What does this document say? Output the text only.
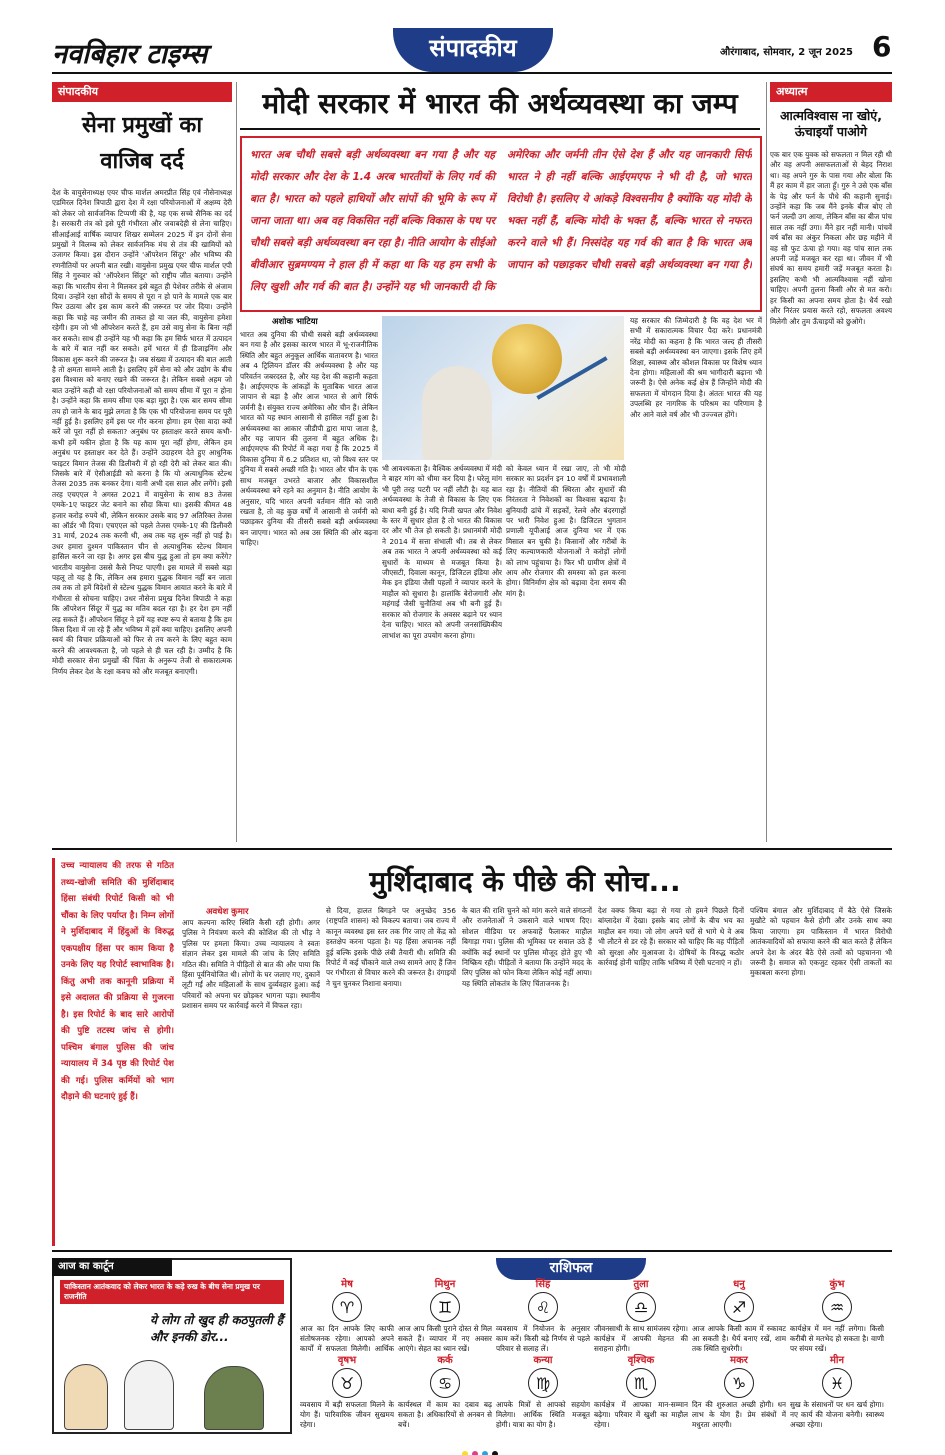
नवबिहार टाइम्स	संपादकीय	औरंगाबाद, सोमवार, 2 जून 2025 6
संपादकीय
सेना प्रमुखों का वाजिब दर्द
देश के वायुसेनाध्यक्ष एयर चीफ मार्शल अमरप्रीत सिंह एवं नौसेनाध्यक्ष एडमिरल दिनेश त्रिपाठी द्वारा देश में रक्षा परियोजनाओं में अक्षम्य देरी को लेकर जो सार्वजनिक टिप्पणी की है, यह एक सच्चे सैनिक का दर्द है। सरकारी तंत्र को इसे पूरी गंभीरता और जवाबदेही से लेना चाहिए। सीआईआई वार्षिक व्यापार शिखर सम्मेलन 2025 में इन दोनों सेना प्रमुखों ने विलम्ब को लेकर सार्वजनिक मंच से तंत्र की खामियों को उजागर किया। इस दौरान उन्होंने 'ऑपरेशन सिंदूर' और भविष्य की रणनीतियों पर अपनी बात रखी। वायुसेना प्रमुख एयर चीफ मार्शल एपी सिंह ने गुरुवार को 'ऑपरेशन सिंदूर' को राष्ट्रीय जीत बताया। उन्होंने कहा कि भारतीय सेना ने मिलकर इसे बहुत ही पेशेवर तरीके से अंजाम दिया। उन्होंने रक्षा सौदों के समय से पूरा न हो पाने के मामले एक बार फिर उठाया और इस काम करने की जरूरत पर जोर दिया। उन्होंने कहा कि चाहे वह जमीन की ताकत हो या जल की, वायुसेना हमेशा रहेगी। हम जो भी ऑपरेशन करते हैं, हम उसे वायु सेना के बिना नहीं कर सकते। साथ ही उन्होंने यह भी कहा कि हम सिर्फ भारत में उत्पादन के बारे में बात नहीं कर सकते। हमें भारत में ही डिजाइनिंग और विकास शुरू करने की जरूरत है। जब संख्या में उत्पादन की बात आती है तो क्षमता सामने आती है। इसलिए हमें सेना को और उद्योग के बीच इस विश्वास को बनाए रखने की जरूरत है। लेकिन सबसे अहम जो बात उन्होंने कही वो रक्षा परियोजनाओं को समय सीमा में पूरा न होना है। उन्होंने कहा कि समय सीमा एक बड़ा मुद्दा है। एक बार समय सीमा तय हो जाने के बाद मुझे लगता है कि एक भी परियोजना समय पर पूरी नहीं हुई है। इसलिए हमें इस पर गौर करना होगा। हम ऐसा वादा क्यों करें जो पूरा नहीं हो सकता? अनुबंध पर हस्ताक्षर करते समय कभी-कभी हमें यकीन होता है कि यह काम पूरा नहीं होगा, लेकिन हम अनुबंध पर हस्ताक्षर कर देते हैं। उन्होंने उदाहरण देते हुए आधुनिक फाइटर विमान तेजस की डिलीवरी में हो रही देरी को लेकर बात की। जिसके बारे में ऐसीआईडी को करना है कि यो अत्याधुनिक स्टेल्थ तेजस 2035 तक बनकर देगा। यानी अभी दस साल और लगेंगे। इसी तरह एचएएल ने अगस्त 2021 में वायुसेना के साथ 83 तेजस एमके-1ए फाइटर जेट बनाने का सौदा किया था। इसकी कीमत 48 हजार करोड़ रुपये थी, लेकिन सरकार उसके बाद 97 अतिरिक्त तेजस का ऑर्डर भी दिया। एचएएल को पहले तेजस एमके-1ए की डिलीवरी 31 मार्च, 2024 तक करनी थी, अब तक यह शुरू नहीं हो पाई है। उधर हमारा दुश्मन पाकिस्तान चीन से अत्याधुनिक स्टेल्थ विमान हासिल करने जा रहा है। अगर इस बीच युद्ध हुआ तो हम क्या करेंगे? भारतीय वायुसेना उससे कैसे निपट पाएगी। इस मामले में सबसे बड़ा पहलू तो यह है कि, लेकिन अब हमारा युद्धक विमान नहीं बन जाता तब तक तो हमें विदेशों से स्टेल्थ युद्धक विमान आयात करने के बारे में गंभीरता से सोचना चाहिए। उधर नौसेना प्रमुख दिनेश त्रिपाठी ने कहा कि ऑपरेशन सिंदूर में युद्ध का मतिव बदल रहा है। हर देश हम नहीं लड़ सकते हैं। ऑपरेशन सिंदूर ने हमें यह स्पष्ट रूप से बताया है कि हम किस दिशा में जा रहे हैं और भविष्य में हमें क्या चाहिए। इसलिए अपनी स्वयं की विचार प्रक्रियाओं को फिर से तय करने के लिए बहुत काम करने की आवश्यकता है, जो पहले से ही चल रही है। उम्मीद है कि मोदी सरकार सेना प्रमुखों की चिंता के अनुरूप तेजी से सकारात्मक निर्णय लेकर देश के रक्षा कवच को और मजबूत बनाएगी।
मोदी सरकार में भारत की अर्थव्यवस्था का जम्प
भारत अब चौथी सबसे बड़ी अर्थव्यवस्था बन गया है और यह मोदी सरकार और देश के 1.4 अरब भारतीयों के लिए गर्व की बात है। भारत को पहले हाथियों और सांपों की भूमि के रूप में जाना जाता था। अब वह विकसित नहीं बल्कि विकास के पथ पर चौथी सबसे बड़ी अर्थव्यवस्था बन रहा है। नीति आयोग के सीईओ बीवीआर सुब्रमण्यम ने हाल ही में कहा था कि यह हम सभी के लिए खुशी और गर्व की बात है। उन्होंने यह भी जानकारी दी कि अमेरिका और जर्मनी तीन ऐसे देश हैं और यह जानकारी सिर्फ भारत ने ही नहीं बल्कि आईएमएफ ने भी दी है, जो भारत विरोधी है। इसलिए ये आंकड़े विश्वसनीय है क्योंकि यह मोदी के भक्त नहीं हैं, बल्कि मोदी के भक्त हैं, बल्कि भारत से नफरत करने वाले भी हैं। निस्संदेह यह गर्व की बात है कि भारत अब जापान को पछाड़कर चौथी सबसे बड़ी अर्थव्यवस्था बन गया है।
अशोक भाटिया
भारत अब दुनिया की चौथी सबसे बड़ी अर्थव्यवस्था बन गया है और इसका कारण भारत में भू-राजनीतिक स्थिति और बहुत अनुकूल आर्थिक वातावरण है। भारत अब 4 ट्रिलियन डॉलर की अर्थव्यवस्था है और यह परिवर्तन जबरदस्त है, और यह देश की कहानी कहता है। आईएमएफ के आंकड़ों के मुताबिक भारत आज जापान से बड़ा है और आज भारत से आगे सिर्फ जर्मनी है। संयुक्त राज्य अमेरिका और चीन हैं। लेकिन भारत को यह स्थान आसानी से हासिल नहीं हुआ है। अर्थव्यवस्था का आकार जीडीपी द्वारा मापा जाता है, और यह जापान की तुलना में बहुत अधिक है। आईएमएफ की रिपोर्ट में कहा गया है कि 2025 में विकास दुनिया में 6.2 प्रतिशत था, जो विश्व स्तर पर दुनिया में सबसे अच्छी गति है। भारत और चीन के एक साथ मजबूत उभरते बाजार और विकासशील अर्थव्यवस्था बने रहने का अनुमान है। नीति आयोग के अनुसार, यदि भारत अपनी वर्तमान नीति को जारी रखता है, तो वह कुछ वर्षों में आसानी से जर्मनी को पछाड़कर दुनिया की तीसरी सबसे बड़ी अर्थव्यवस्था बन जाएगा। भारत को अब उस स्थिति की ओर बढ़ना चाहिए।
भी आवश्यकता है। वैश्विक अर्थव्यवस्था में मंदी ने बाहर मांग को धीमा कर दिया है। घरेलू मांग भी पूरी तरह पटरी पर नहीं लौटी है। यह बात अर्थव्यवस्था के तेजी से विकास के लिए एक बाधा बनी हुई है। यदि निजी खपत और निवेश के स्तर में सुधार होता है तो भारत की विकास दर और भी तेज हो सकती है। प्रधानमंत्री मोदी ने 2014 में सत्ता संभाली थी। तब से लेकर अब तक भारत ने अपनी अर्थव्यवस्था को कई सुधारों के माध्यम से मजबूत किया है। जीएसटी, दिवाला कानून, डिजिटल इंडिया और मेक इन इंडिया जैसी पहलों ने व्यापार करने के माहौल को सुधारा है। हालांकि बेरोजगारी और महंगाई जैसी चुनौतियां अब भी बनी हुई हैं। सरकार को रोजगार के अवसर बढ़ाने पर ध्यान देना चाहिए। भारत को अपनी जनसांख्यिकीय लाभांश का पूरा उपयोग करना होगा।
को केवल ध्यान में रखा जाए, तो भी मोदी सरकार का प्रदर्शन इन 10 वर्षों में प्रभावशाली रहा है। नीतियों की स्थिरता और सुधारों की निरंतरता ने निवेशकों का विश्वास बढ़ाया है। बुनियादी ढांचे में सड़कों, रेलवे और बंदरगाहों पर भारी निवेश हुआ है। डिजिटल भुगतान प्रणाली यूपीआई आज दुनिया भर में एक मिसाल बन चुकी है। किसानों और गरीबों के लिए कल्याणकारी योजनाओं ने करोड़ों लोगों को लाभ पहुंचाया है। फिर भी ग्रामीण क्षेत्रों में आय और रोजगार की समस्या को हल करना होगा। विनिर्माण क्षेत्र को बढ़ावा देना समय की मांग है।
यह सरकार की जिम्मेदारी है कि वह देश भर में सभी में सकारात्मक विचार पैदा करे। प्रधानमंत्री नरेंद्र मोदी का कहना है कि भारत जल्द ही तीसरी सबसे बड़ी अर्थव्यवस्था बन जाएगा। इसके लिए हमें शिक्षा, स्वास्थ्य और कौशल विकास पर विशेष ध्यान देना होगा। महिलाओं की श्रम भागीदारी बढ़ाना भी जरूरी है। ऐसे अनेक कई क्षेत्र हैं जिन्होंने मोदी की सफलता में योगदान दिया है। अंततः भारत की यह उपलब्धि हर नागरिक के परिश्रम का परिणाम है और आने वाले वर्ष और भी उज्ज्वल होंगे।
अध्यात्म
आत्मविश्वास ना खोएं, ऊंचाइयाँ पाओगे
एक बार एक युवक को सफलता न मिल रही थी और वह अपनी असफलताओं से बेहद निराश था। वह अपने गुरु के पास गया और बोला कि मैं हर काम में हार जाता हूँ। गुरु ने उसे एक बाँस के पेड़ और फर्न के पौधे की कहानी सुनाई। उन्होंने कहा कि जब मैंने इनके बीज बोए तो फर्न जल्दी उग आया, लेकिन बाँस का बीज पांच साल तक नहीं उगा। मैंने हार नहीं मानी। पांचवें वर्ष बाँस का अंकुर निकला और छह महीने में वह सौ फुट ऊंचा हो गया। वह पांच साल तक अपनी जड़ें मजबूत कर रहा था। जीवन में भी संघर्ष का समय हमारी जड़ें मजबूत करता है। इसलिए कभी भी आत्मविश्वास नहीं खोना चाहिए। अपनी तुलना किसी और से मत करो। हर किसी का अपना समय होता है। धैर्य रखो और निरंतर प्रयास करते रहो, सफलता अवश्य मिलेगी और तुम ऊँचाइयों को छुओगे।
उच्च न्यायालय की तरफ से गठित तथ्य-खोजी समिति की मुर्शिदाबाद हिंसा संबंधी रिपोर्ट किसी को भी चौंका के लिए पर्याप्त है। निम्न लोगों ने मुर्शिदाबाद में हिंदुओं के विरुद्ध एकपक्षीय हिंसा पर काम किया है उनके लिए यह रिपोर्ट स्वाभाविक है। किंतु अभी तक कानूनी प्रक्रिया में इसे अदालत की प्रक्रिया से गुजरना है। इस रिपोर्ट के बाद सारे आरोपों की पुष्टि तटस्थ जांच से होगी। पश्चिम बंगाल पुलिस की जांच न्यायालय में 34 पृष्ठ की रिपोर्ट पेश की गई। पुलिस कर्मियों को भाग दौड़ाने की घटनाएं हुई हैं।
मुर्शिदाबाद के पीछे की सोच...
अवधेश कुमार
आप कल्पना करिए स्थिति कैसी रही होगी। अगर पुलिस ने नियंत्रण करने की कोशिश की तो भीड़ ने पुलिस पर हमला किया। उच्च न्यायालय ने स्वतः संज्ञान लेकर इस मामले की जांच के लिए समिति गठित की। समिति ने पीड़ितों से बात की और पाया कि हिंसा पूर्वनियोजित थी। लोगों के घर जलाए गए, दुकानें लूटी गईं और महिलाओं के साथ दुर्व्यवहार हुआ। कई परिवारों को अपना घर छोड़कर भागना पड़ा। स्थानीय प्रशासन समय पर कार्रवाई करने में विफल रहा।
से दिया, हालत बिगड़ने पर अनुच्छेद 356 (राष्ट्रपति शासन) को विकल्प बताया। जब राज्य में कानून व्यवस्था इस स्तर तक गिर जाए तो केंद्र को हस्तक्षेप करना पड़ता है। यह हिंसा अचानक नहीं हुई बल्कि इसके पीछे लंबी तैयारी थी। समिति की रिपोर्ट में कई चौंकाने वाले तथ्य सामने आए हैं जिन पर गंभीरता से विचार करने की जरूरत है। दंगाइयों ने चुन चुनकर निशाना बनाया।
के बात की राशि चुनने को मांग करने वाले संगठनों और राजनेताओं ने उकसाने वाले भाषण दिए। सोशल मीडिया पर अफवाहें फैलाकर माहौल बिगाड़ा गया। पुलिस की भूमिका पर सवाल उठे हैं क्योंकि कई स्थानों पर पुलिस मौजूद होते हुए भी निष्क्रिय रही। पीड़ितों ने बताया कि उन्होंने मदद के लिए पुलिस को फोन किया लेकिन कोई नहीं आया। यह स्थिति लोकतंत्र के लिए चिंताजनक है।
देश वक्फ किया बढ़ा से गया तो हमने पिछले दिनों बांग्लादेश में देखा। इसके बाद लोगों के बीच भय का माहौल बन गया। जो लोग अपने घरों से भागे थे वे अब भी लौटने से डर रहे हैं। सरकार को चाहिए कि वह पीड़ितों को सुरक्षा और मुआवजा दे। दोषियों के विरुद्ध कठोर कार्रवाई होनी चाहिए ताकि भविष्य में ऐसी घटनाएं न हों।
पश्चिम बंगाल और मुर्शिदाबाद में बैठे ऐसे जिसके मुखौटे को पहचान कैसे होगी और उनके साथ क्या किया जाएगा। हम पाकिस्तान में भारत विरोधी आतंकवादियों को सफाया करने की बात करते हैं लेकिन अपने देश के अंदर बैठे ऐसे तत्वों को पहचानना भी जरूरी है। समाज को एकजुट रहकर ऐसी ताकतों का मुकाबला करना होगा।
आज का कार्टून
पाकिस्तान आतंकवाद को लेकर भारत के कड़े रुख के बीच सेना प्रमुख पर राजनीति
ये लोग तो खुद ही कठपुतली हैं और इनकी डोर...
राशिफल
मेष
♈
आज का दिन आपके लिए काफी संतोषजनक रहेगा। आपको अपने कार्यों में सफलता मिलेगी। आर्थिक
मिथुन
♊
आज आप किसी पुराने दोस्त से मिल सकते हैं। व्यापार में नए अवसर आएंगे। सेहत का ध्यान रखें।
सिंह
♌
व्यवसाय में नियोजन के अनुसार काम करें। किसी बड़े निर्णय से पहले परिवार से सलाह लें।
तुला
♎
जीवनसाथी के साथ सामंजस्य रहेगा। कार्यक्षेत्र में आपकी मेहनत की सराहना होगी।
धनु
♐
आज आपके किसी काम में रुकावट आ सकती है। धैर्य बनाए रखें, शाम तक स्थिति सुधरेगी।
कुंभ
♒
कार्यक्षेत्र में मन नहीं लगेगा। किसी करीबी से मतभेद हो सकता है। वाणी पर संयम रखें।
वृषभ
♉
व्यवसाय में बड़ी सफलता मिलने के योग हैं। पारिवारिक जीवन सुखमय रहेगा।
कर्क
♋
कार्यस्थल में काम का दबाव बढ़ सकता है। अधिकारियों से अनबन से बचें।
कन्या
♍
आपके मित्रों से आपको सहयोग मिलेगा। आर्थिक स्थिति मजबूत होगी। यात्रा का योग है।
वृश्चिक
♏
कार्यक्षेत्र में आपका मान-सम्मान बढ़ेगा। परिवार में खुशी का माहौल रहेगा।
मकर
♑
दिन की शुरुआत अच्छी होगी। धन लाभ के योग हैं। प्रेम संबंधों में मधुरता आएगी।
मीन
♓
सुख के संसाधनों पर धन खर्च होगा। नए कार्य की योजना बनेगी। स्वास्थ्य अच्छा रहेगा।
